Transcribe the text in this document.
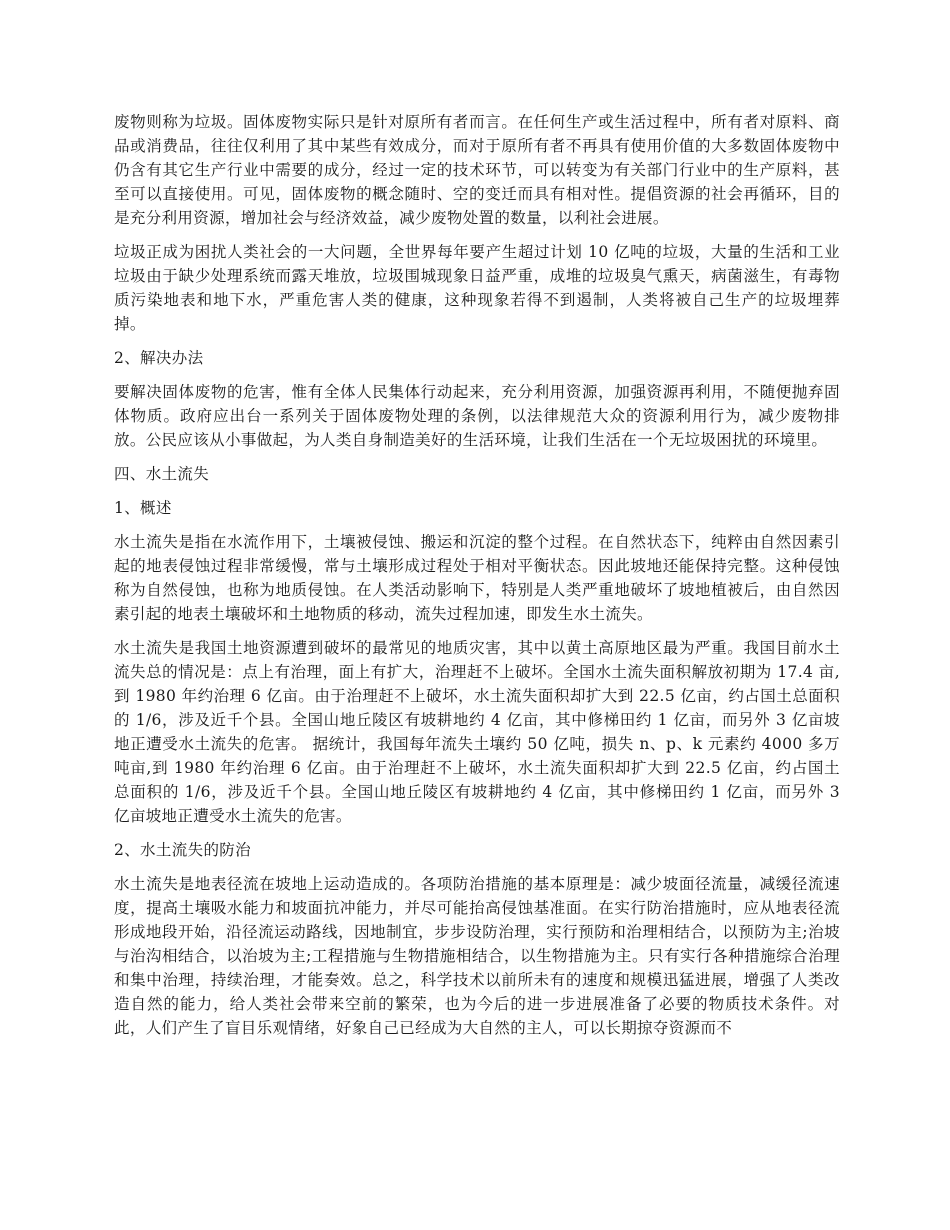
废物则称为垃圾。固体废物实际只是针对原所有者而言。在任何生产或生活过程中，所有者对原料、商品或消费品，往往仅利用了其中某些有效成分，而对于原所有者不再具有使用价值的大多数固体废物中仍含有其它生产行业中需要的成分，经过一定的技术环节，可以转变为有关部门行业中的生产原料，甚至可以直接使用。可见，固体废物的概念随时、空的变迁而具有相对性。提倡资源的社会再循环，目的是充分利用资源，增加社会与经济效益，减少废物处置的数量，以利社会进展。

垃圾正成为困扰人类社会的一大问题，全世界每年要产生超过计划 10 亿吨的垃圾，大量的生活和工业垃圾由于缺少处理系统而露天堆放，垃圾围城现象日益严重，成堆的垃圾臭气熏天，病菌滋生，有毒物质污染地表和地下水，严重危害人类的健康，这种现象若得不到遏制，人类将被自己生产的垃圾埋葬掉。

2、解决办法

要解决固体废物的危害，惟有全体人民集体行动起来，充分利用资源，加强资源再利用，不随便抛弃固体物质。政府应出台一系列关于固体废物处理的条例，以法律规范大众的资源利用行为，减少废物排放。公民应该从小事做起，为人类自身制造美好的生活环境，让我们生活在一个无垃圾困扰的环境里。

四、水土流失

1、概述

水土流失是指在水流作用下，土壤被侵蚀、搬运和沉淀的整个过程。在自然状态下，纯粹由自然因素引起的地表侵蚀过程非常缓慢，常与土壤形成过程处于相对平衡状态。因此坡地还能保持完整。这种侵蚀称为自然侵蚀，也称为地质侵蚀。在人类活动影响下，特别是人类严重地破坏了坡地植被后，由自然因素引起的地表土壤破坏和土地物质的移动，流失过程加速，即发生水土流失。

水土流失是我国土地资源遭到破坏的最常见的地质灾害，其中以黄土高原地区最为严重。我国目前水土流失总的情况是：点上有治理，面上有扩大，治理赶不上破坏。全国水土流失面积解放初期为 17.4 亩,到 1980 年约治理 6 亿亩。由于治理赶不上破坏，水土流失面积却扩大到 22.5 亿亩，约占国土总面积的 1/6，涉及近千个县。全国山地丘陵区有坡耕地约 4 亿亩，其中修梯田约 1 亿亩，而另外 3 亿亩坡地正遭受水土流失的危害。 据统计，我国每年流失土壤约 50 亿吨，损失 n、p、k 元素约 4000 多万吨亩,到 1980 年约治理 6 亿亩。由于治理赶不上破坏，水土流失面积却扩大到 22.5 亿亩，约占国土总面积的 1/6，涉及近千个县。全国山地丘陵区有坡耕地约 4 亿亩，其中修梯田约 1 亿亩，而另外 3 亿亩坡地正遭受水土流失的危害。

2、水土流失的防治

水土流失是地表径流在坡地上运动造成的。各项防治措施的基本原理是：减少坡面径流量，减缓径流速度，提高土壤吸水能力和坡面抗冲能力，并尽可能抬高侵蚀基准面。在实行防治措施时，应从地表径流形成地段开始，沿径流运动路线，因地制宜，步步设防治理，实行预防和治理相结合，以预防为主;治坡与治沟相结合，以治坡为主;工程措施与生物措施相结合，以生物措施为主。只有实行各种措施综合治理和集中治理，持续治理，才能奏效。总之，科学技术以前所未有的速度和规模迅猛进展，增强了人类改造自然的能力，给人类社会带来空前的繁荣，也为今后的进一步进展准备了必要的物质技术条件。对此，人们产生了盲目乐观情绪，好象自己已经成为大自然的主人，可以长期掠夺资源而不
